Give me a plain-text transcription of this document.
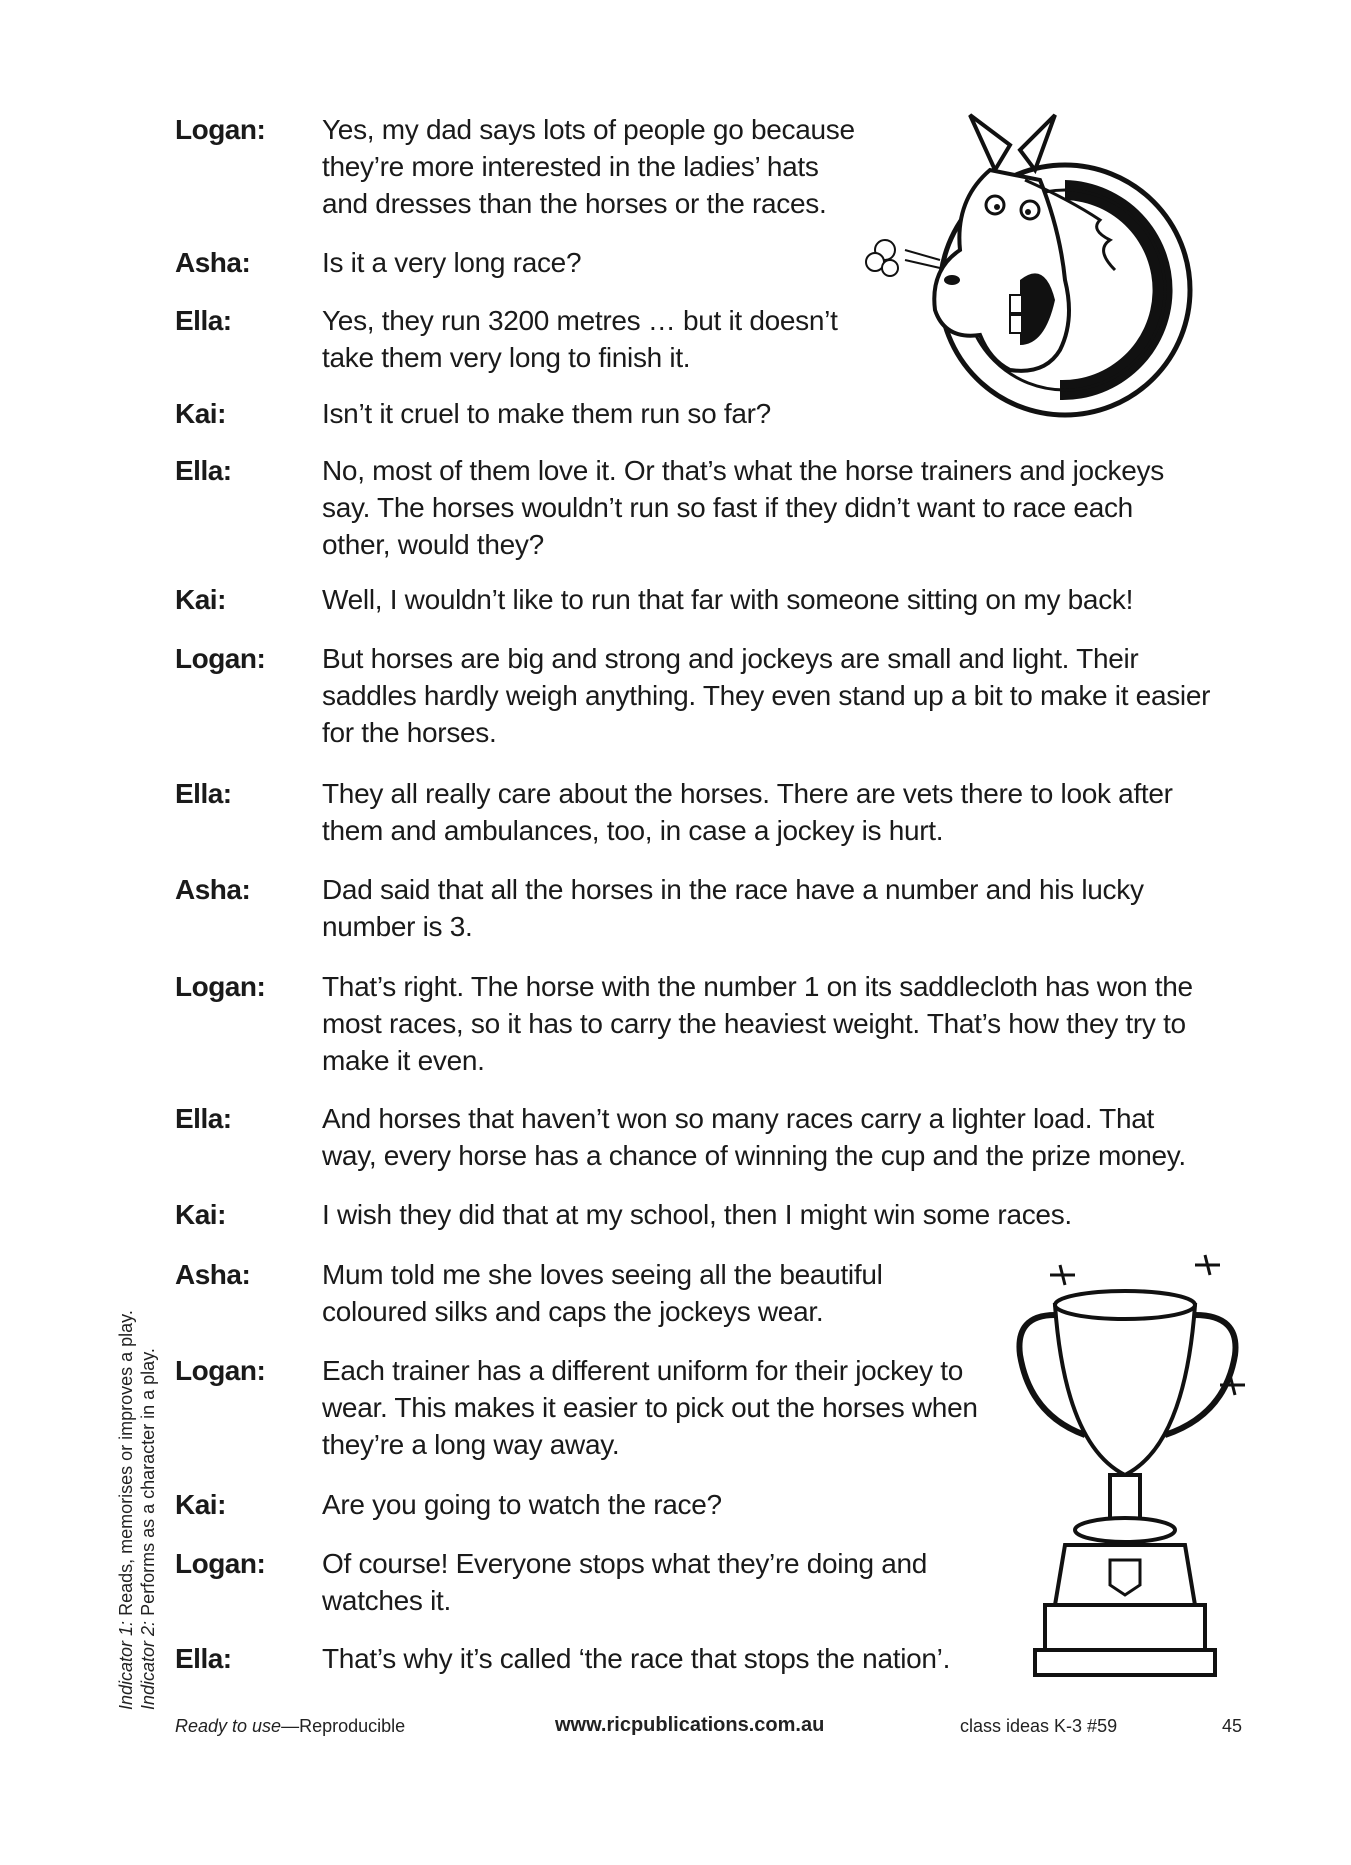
Logan: Yes, my dad says lots of people go because
they’re more interested in the ladies’ hats
and dresses than the horses or the races.
Asha:	Is it a very long race?
Ella:	Yes, they run 3200 metres … but it doesn’t
take them very long to finish it.
Kai:	Isn’t it cruel to make them run so far?
Ella:	No, most of them love it. Or that’s what the horse trainers and jockeys
say. The horses wouldn’t run so fast if they didn’t want to race each
other, would they?
Kai:	Well, I wouldn’t like to run that far with someone sitting on my back!
Logan: But horses are big and strong and jockeys are small and light. Their
saddles hardly weigh anything. They even stand up a bit to make it easier
for the horses.
Ella:	They all really care about the horses. There are vets there to look after
them and ambulances, too, in case a jockey is hurt.
Asha:	Dad said that all the horses in the race have a number and his lucky
number is 3.
Logan: That’s right. The horse with the number 1 on its saddlecloth has won the
most races, so it has to carry the heaviest weight. That’s how they try to
make it even.
Ella:	And horses that haven’t won so many races carry a lighter load. That
way, every horse has a chance of winning the cup and the prize money.
Kai:	I wish they did that at my school, then I might win some races.
Asha:	Mum told me she loves seeing all the beautiful
coloured silks and caps the jockeys wear.
Logan: Each trainer has a different uniform for their jockey to
wear. This makes it easier to pick out the horses when
they’re a long way away.
Kai:	Are you going to watch the race?
Logan: Of course! Everyone stops what they’re doing and
watches it.
Ella:	That’s why it’s called ‘the race that stops the nation’.
Indicator 1: Reads, memorises or improves a play.
Indicator 2: Performs as a character in a play.
Ready to use—Reproducible	www.ricpublications.com.au	class ideas K-3 #59	45
